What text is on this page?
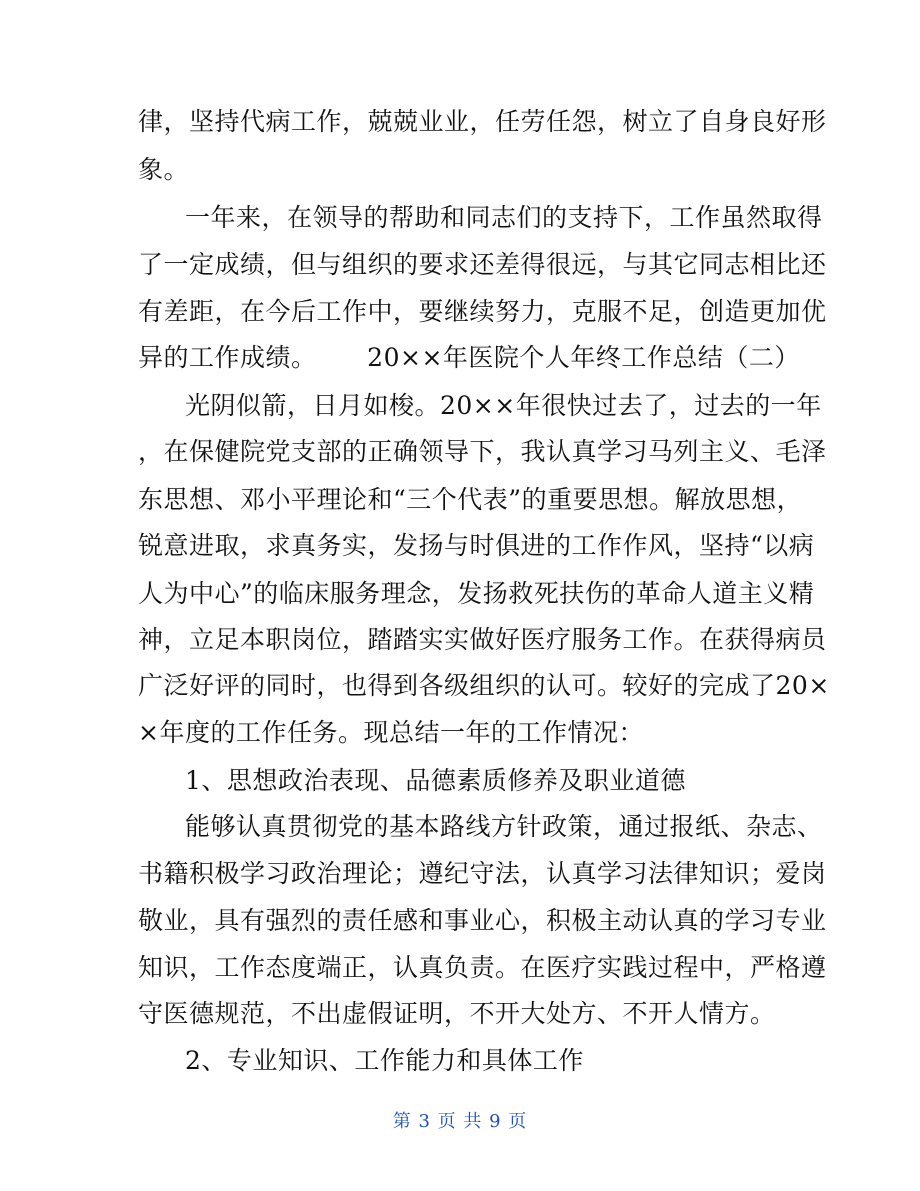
律，坚持代病工作，兢兢业业，任劳任怨，树立了自身良好形
象。
一年来，在领导的帮助和同志们的支持下，工作虽然取得
了一定成绩，但与组织的要求还差得很远，与其它同志相比还
有差距，在今后工作中，要继续努力，克服不足，创造更加优
异的工作成绩。      20××年医院个人年终工作总结（二）
光阴似箭，日月如梭。20××年很快过去了，过去的一年
，在保健院党支部的正确领导下，我认真学习马列主义、毛泽
东思想、邓小平理论和“三个代表”的重要思想。解放思想，
锐意进取，求真务实，发扬与时俱进的工作作风，坚持“以病
人为中心”的临床服务理念，发扬救死扶伤的革命人道主义精
神，立足本职岗位，踏踏实实做好医疗服务工作。在获得病员
广泛好评的同时，也得到各级组织的认可。较好的完成了20×
×年度的工作任务。现总结一年的工作情况：
1、思想政治表现、品德素质修养及职业道德
能够认真贯彻党的基本路线方针政策，通过报纸、杂志、
书籍积极学习政治理论；遵纪守法，认真学习法律知识；爱岗
敬业，具有强烈的责任感和事业心，积极主动认真的学习专业
知识，工作态度端正，认真负责。在医疗实践过程中，严格遵
守医德规范，不出虚假证明，不开大处方、不开人情方。
2、专业知识、工作能力和具体工作
第 3 页 共 9 页
